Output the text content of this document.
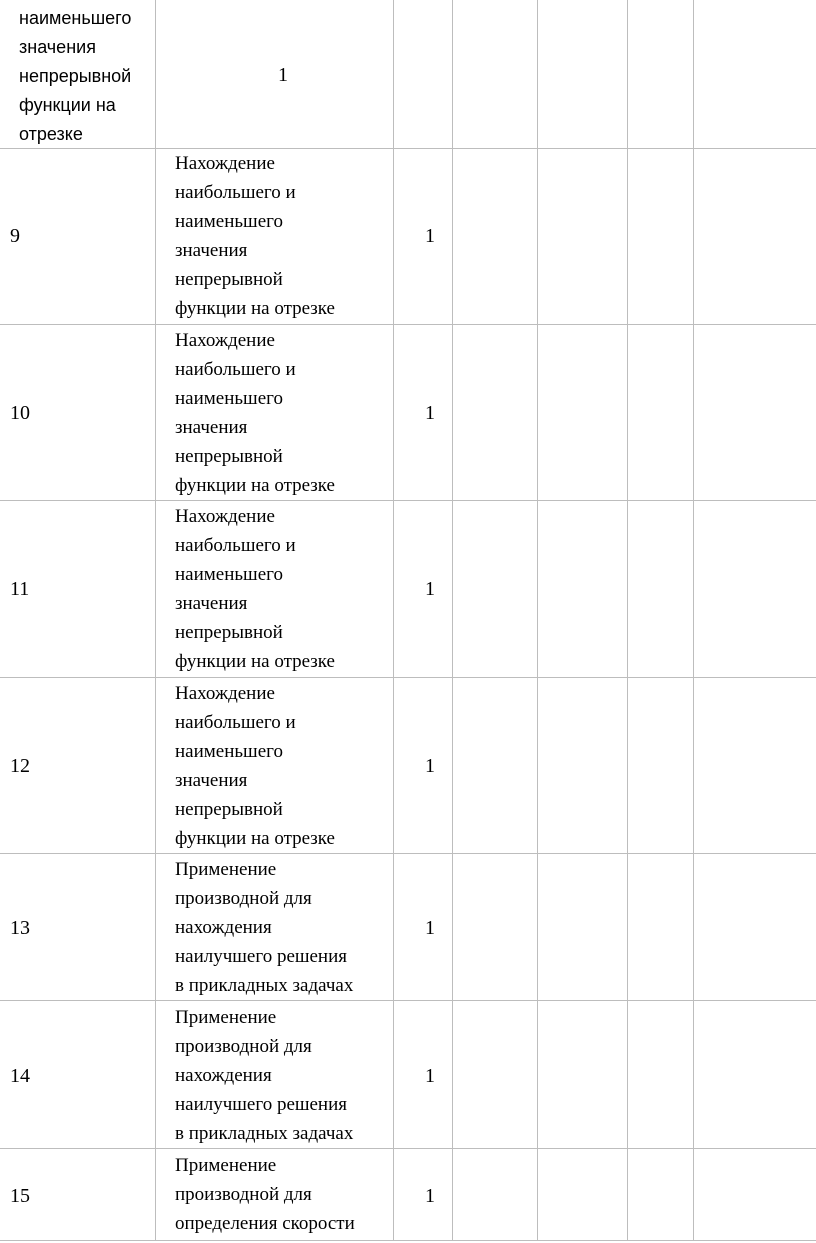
наименьшего
значения
непрерывной
функции на
отрезке
1
9
Нахождение
наибольшего и
наименьшего
значения
непрерывной
функции на отрезке
1
10
Нахождение
наибольшего и
наименьшего
значения
непрерывной
функции на отрезке
1
11
Нахождение
наибольшего и
наименьшего
значения
непрерывной
функции на отрезке
1
12
Нахождение
наибольшего и
наименьшего
значения
непрерывной
функции на отрезке
1
13
Применение
производной для
нахождения
наилучшего решения
в прикладных задачах
1
14
Применение
производной для
нахождения
наилучшего решения
в прикладных задачах
1
15
Применение
производной для
определения скорости
1
